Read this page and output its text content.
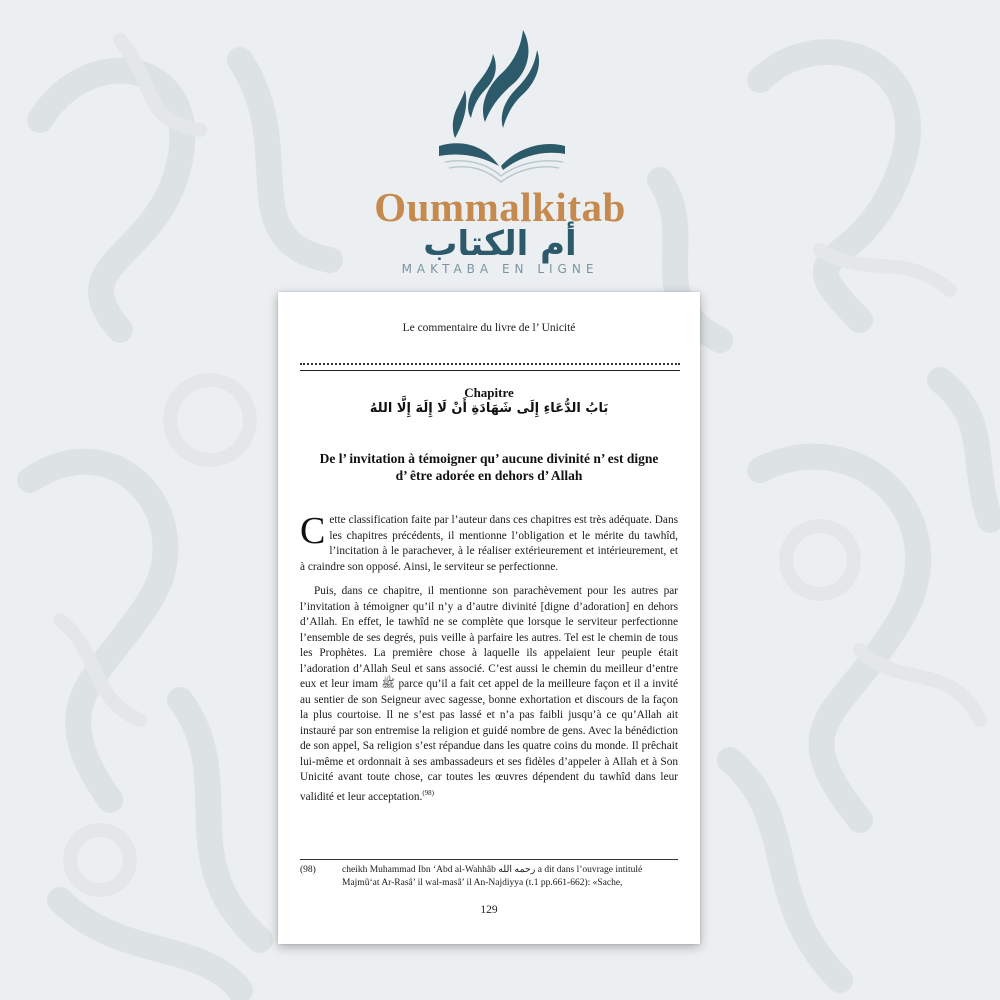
Oummalkitab
أم الكتاب
MAKTABA EN LIGNE
Le commentaire du livre de l’ Unicité
Chapitre
بَابُ الدُّعَاءِ إِلَى شَهَادَةِ أَنْ لَا إِلَهَ إِلَّا اللهُ
De l’ invitation à témoigner qu’ aucune divinité n’ est digne d’ être adorée en dehors d’ Allah

Cette classification faite par l’auteur dans ces chapitres est très adéquate. Dans les chapitres précédents, il mentionne l’obligation et le mérite du tawhîd, l’incitation à le parachever, à le réaliser extérieurement et intérieurement, et à craindre son opposé. Ainsi, le serviteur se perfectionne.

Puis, dans ce chapitre, il mentionne son parachèvement pour les autres par l’invitation à témoigner qu’il n’y a d’autre divinité [digne d’adoration] en dehors d’Allah. En effet, le tawhîd ne se complète que lorsque le serviteur perfectionne l’ensemble de ses degrés, puis veille à parfaire les autres. Tel est le chemin de tous les Prophètes. La première chose à laquelle ils appelaient leur peuple était l’adoration d’Allah Seul et sans associé. C’est aussi le chemin du meilleur d’entre eux et leur imam ﷺ parce qu’il a fait cet appel de la meilleure façon et il a invité au sentier de son Seigneur avec sagesse, bonne exhortation et discours de la façon la plus courtoise. Il ne s’est pas lassé et n’a pas faibli jusqu’à ce qu’Allah ait instauré par son entremise la religion et guidé nombre de gens. Avec la bénédiction de son appel, Sa religion s’est répandue dans les quatre coins du monde. Il prêchait lui-même et ordonnait à ses ambassadeurs et ses fidèles d’appeler à Allah et à Son Unicité avant toute chose, car toutes les œuvres dépendent du tawhîd dans leur validité et leur acceptation.$^{(98)}$

(98)	cheikh Muhammad Ibn ‘Abd al-Wahhâb رحمه الله a dit dans l’ouvrage intitulé Majmû‘at Ar-Rasâ’ il wal-masâ’ il An-Najdiyya (t.1 pp.661-662): «Sache,
129
